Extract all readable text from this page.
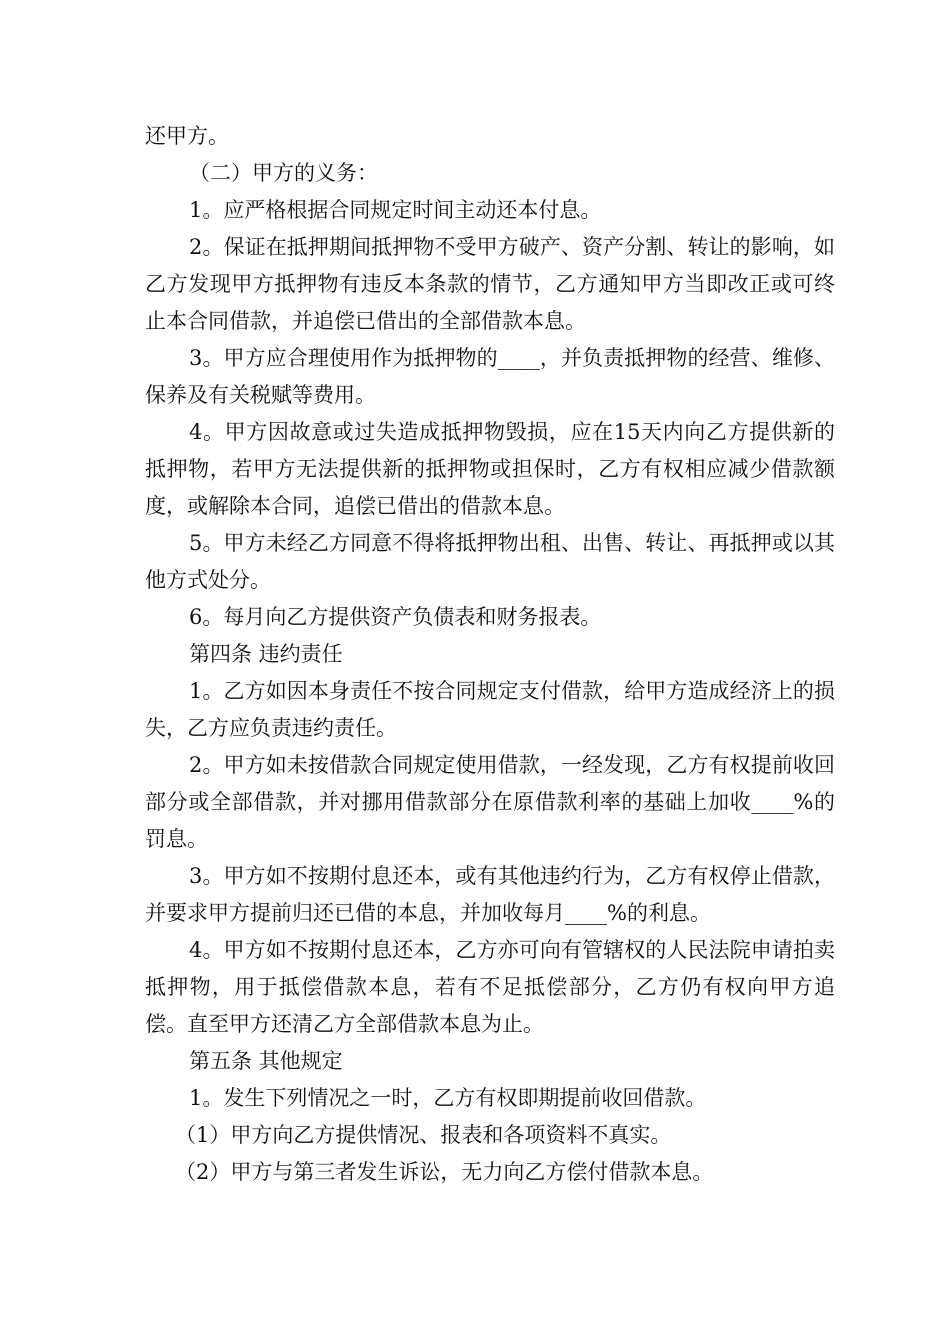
还甲方。

（二）甲方的义务：

1。应严格根据合同规定时间主动还本付息。

2。保证在抵押期间抵押物不受甲方破产、资产分割、转让的影响，如乙方发现甲方抵押物有违反本条款的情节，乙方通知甲方当即改正或可终止本合同借款，并追偿已借出的全部借款本息。

3。甲方应合理使用作为抵押物的____，并负责抵押物的经营、维修、保养及有关税赋等费用。

4。甲方因故意或过失造成抵押物毁损，应在15天内向乙方提供新的抵押物，若甲方无法提供新的抵押物或担保时，乙方有权相应减少借款额度，或解除本合同，追偿已借出的借款本息。

5。甲方未经乙方同意不得将抵押物出租、出售、转让、再抵押或以其他方式处分。

6。每月向乙方提供资产负债表和财务报表。

第四条 违约责任

1。乙方如因本身责任不按合同规定支付借款，给甲方造成经济上的损失，乙方应负责违约责任。

2。甲方如未按借款合同规定使用借款，一经发现，乙方有权提前收回部分或全部借款，并对挪用借款部分在原借款利率的基础上加收____%的罚息。

3。甲方如不按期付息还本，或有其他违约行为，乙方有权停止借款，并要求甲方提前归还已借的本息，并加收每月____%的利息。

4。甲方如不按期付息还本，乙方亦可向有管辖权的人民法院申请拍卖抵押物，用于抵偿借款本息，若有不足抵偿部分，乙方仍有权向甲方追偿。直至甲方还清乙方全部借款本息为止。

第五条 其他规定

1。发生下列情况之一时，乙方有权即期提前收回借款。

（1）甲方向乙方提供情况、报表和各项资料不真实。

（2）甲方与第三者发生诉讼，无力向乙方偿付借款本息。
